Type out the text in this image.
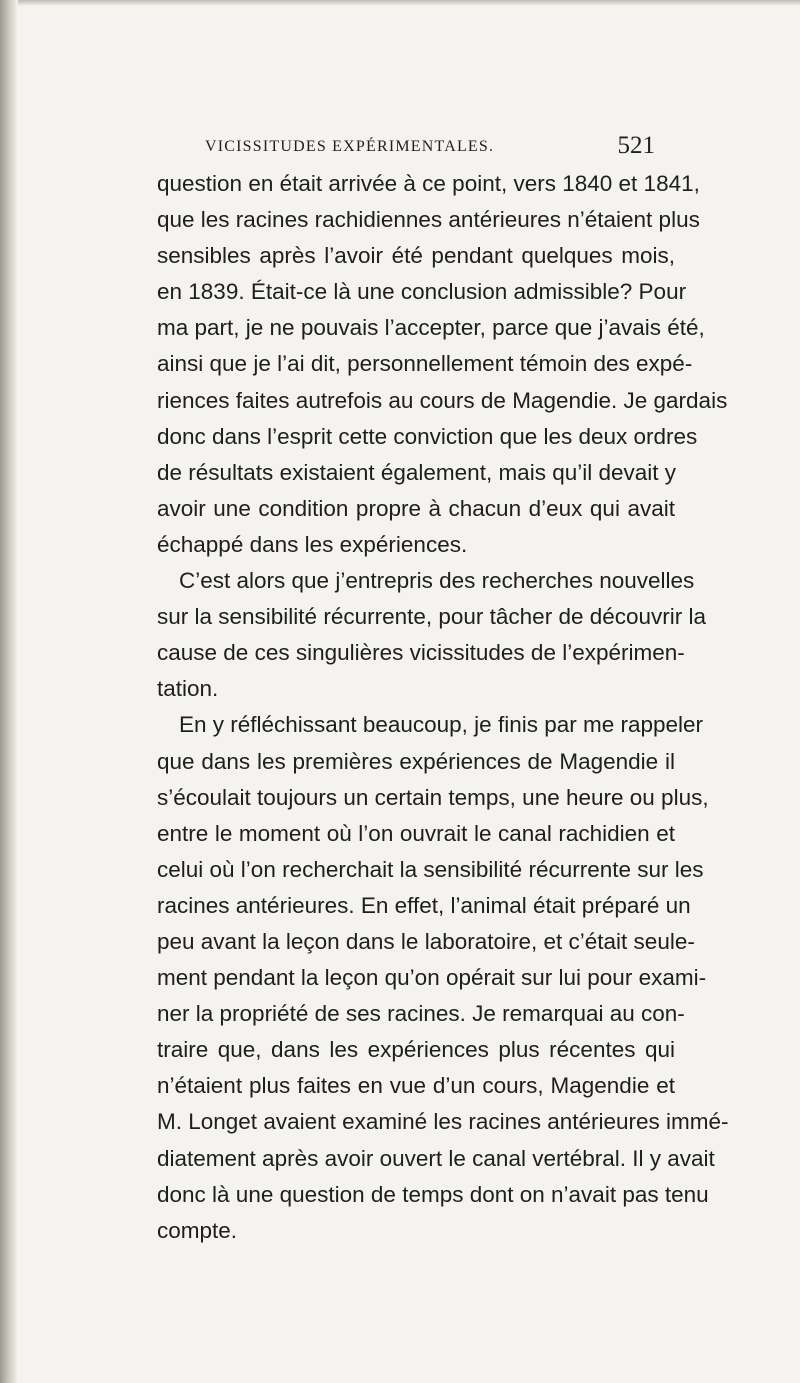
VICISSITUDES EXPÉRIMENTALES.	521
question en était arrivée à ce point, vers 1840 et 1841,
que les racines rachidiennes antérieures n’étaient plus
sensibles après l’avoir été pendant quelques mois,
en 1839. Était-ce là une conclusion admissible? Pour
ma part, je ne pouvais l’accepter, parce que j’avais été,
ainsi que je l’ai dit, personnellement témoin des expé-
riences faites autrefois au cours de Magendie. Je gardais
donc dans l’esprit cette conviction que les deux ordres
de résultats existaient également, mais qu’il devait y
avoir une condition propre à chacun d’eux qui avait
échappé dans les expériences.
C’est alors que j’entrepris des recherches nouvelles
sur la sensibilité récurrente, pour tâcher de découvrir la
cause de ces singulières vicissitudes de l’expérimen-
tation.
En y réfléchissant beaucoup, je finis par me rappeler
que dans les premières expériences de Magendie il
s’écoulait toujours un certain temps, une heure ou plus,
entre le moment où l’on ouvrait le canal rachidien et
celui où l’on recherchait la sensibilité récurrente sur les
racines antérieures. En effet, l’animal était préparé un
peu avant la leçon dans le laboratoire, et c’était seule-
ment pendant la leçon qu’on opérait sur lui pour exami-
ner la propriété de ses racines. Je remarquai au con-
traire que, dans les expériences plus récentes qui
n’étaient plus faites en vue d’un cours, Magendie et
M. Longet avaient examiné les racines antérieures immé-
diatement après avoir ouvert le canal vertébral. Il y avait
donc là une question de temps dont on n’avait pas tenu
compte.
